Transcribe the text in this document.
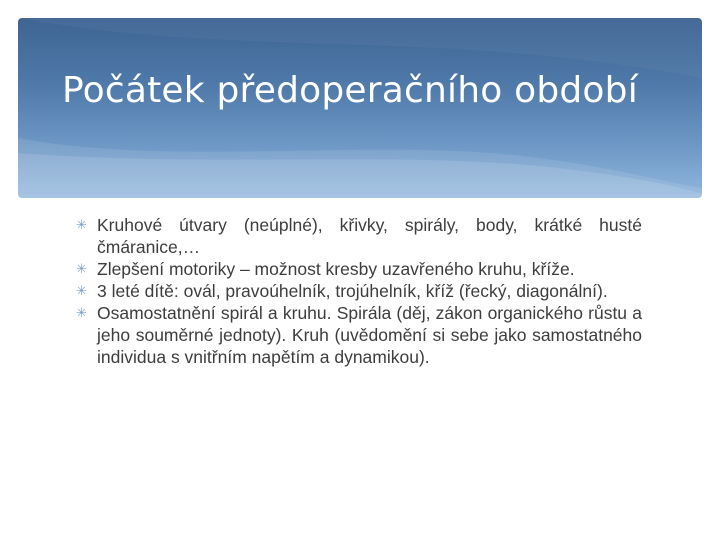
Počátek předoperačního období
✳ Kruhové útvary (neúplné), křivky, spirály, body, krátké husté čmáranice,…
✳ Zlepšení motoriky – možnost kresby uzavřeného kruhu, kříže.
✳ 3 leté dítě: ovál, pravoúhelník, trojúhelník, kříž (řecký, diagonální).
✳ Osamostatnění spirál a kruhu. Spirála (děj, zákon organického růstu a jeho souměrné jednoty). Kruh (uvědomění si sebe jako samostatného individua s vnitřním napětím a dynamikou).
